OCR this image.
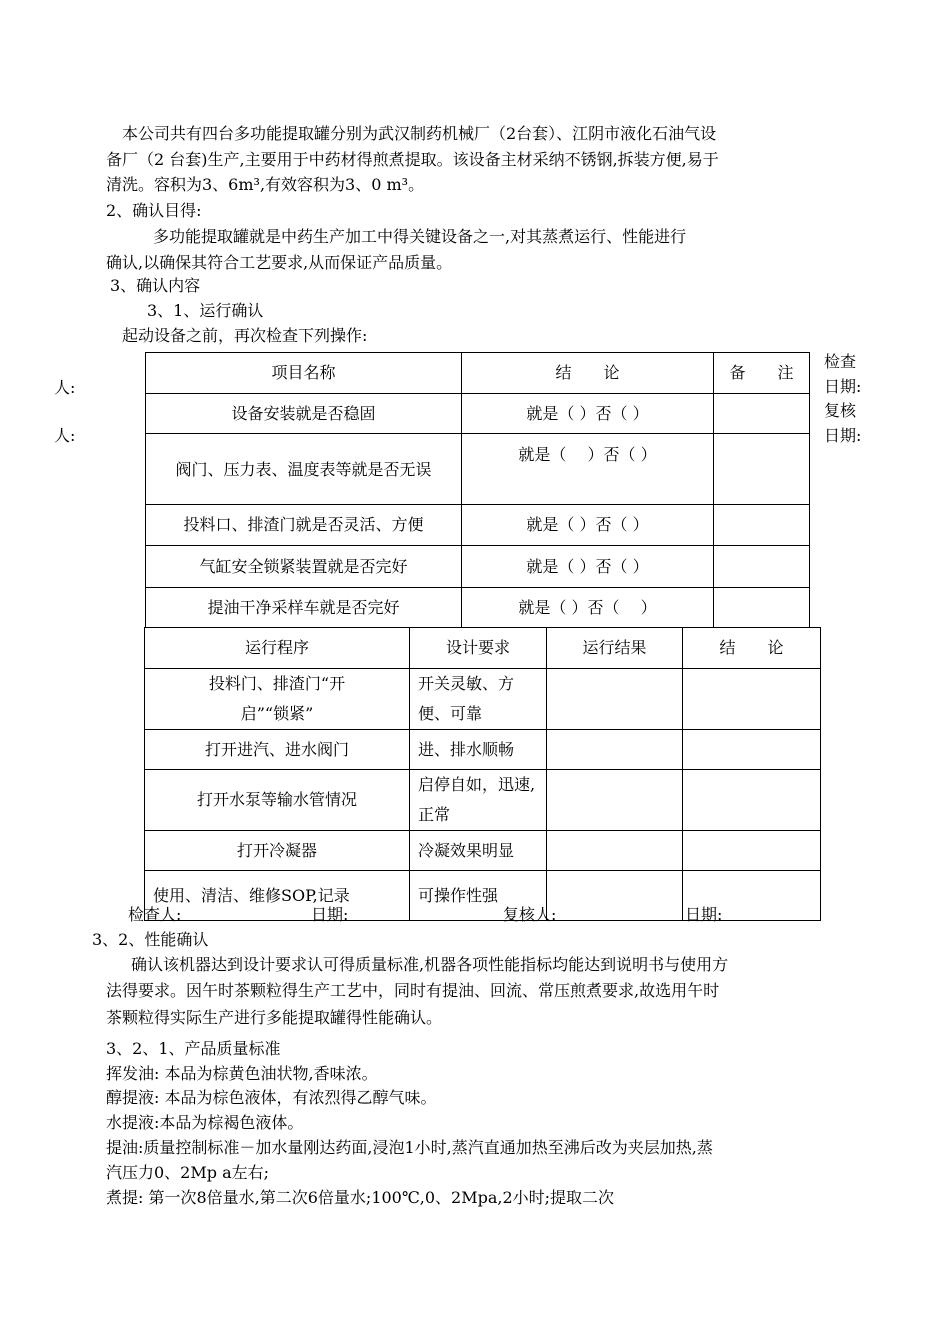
本公司共有四台多功能提取罐分别为武汉制药机械厂（2台套）、江阴市液化石油气设
备厂（2 台套)生产,主要用于中药材得煎煮提取。该设备主材采纳不锈钢,拆装方便,易于
清洗。容积为3、6m³,有效容积为3、0 m³。
2、确认目得:
多功能提取罐就是中药生产加工中得关键设备之一,对其蒸煮运行、性能进行
确认,以确保其符合工艺要求,从而保证产品质量。
3、确认内容
3、1、运行确认
起动设备之前，再次检查下列操作:
人:
人:
检查
日期:
复核
日期:
项目名称	结　　论	备　　注
设备安装就是否稳固	就是（ ）否（ ）	
阀门、压力表、温度表等就是否无误	就是（　 ）否（ ）	
投料口、排渣门就是否灵活、方便	就是（ ）否（ ）	
气缸安全锁紧装置就是否完好	就是（ ）否（ ）	
提油干净采样车就是否完好	就是（ ）否（　 ）	
运行程序	设计要求	运行结果	结　　论
投料门、排渣门“开启”“锁紧”	开关灵敏、方便、可靠		
打开进汽、进水阀门	进、排水顺畅		
打开水泵等输水管情况	启停自如，迅速,正常		
打开冷凝器	冷凝效果明显		
使用、清洁、维修SOP,记录	可操作性强		
检查人:	日期:	复核人:	日期:
3、2、性能确认
确认该机器达到设计要求认可得质量标准,机器各项性能指标均能达到说明书与使用方
法得要求。因午时茶颗粒得生产工艺中，同时有提油、回流、常压煎煮要求,故选用午时
茶颗粒得实际生产进行多能提取罐得性能确认。
3、2、1、产品质量标准
挥发油: 本品为棕黄色油状物,香味浓。
醇提液: 本品为棕色液体，有浓烈得乙醇气味。
水提液:本品为棕褐色液体。
提油:质量控制标准－加水量刚达药面,浸泡1小时,蒸汽直通加热至沸后改为夹层加热,蒸
汽压力0、2Mp a左右;
煮提: 第一次8倍量水,第二次6倍量水;100℃,0、2Mpa,2小时;提取二次
